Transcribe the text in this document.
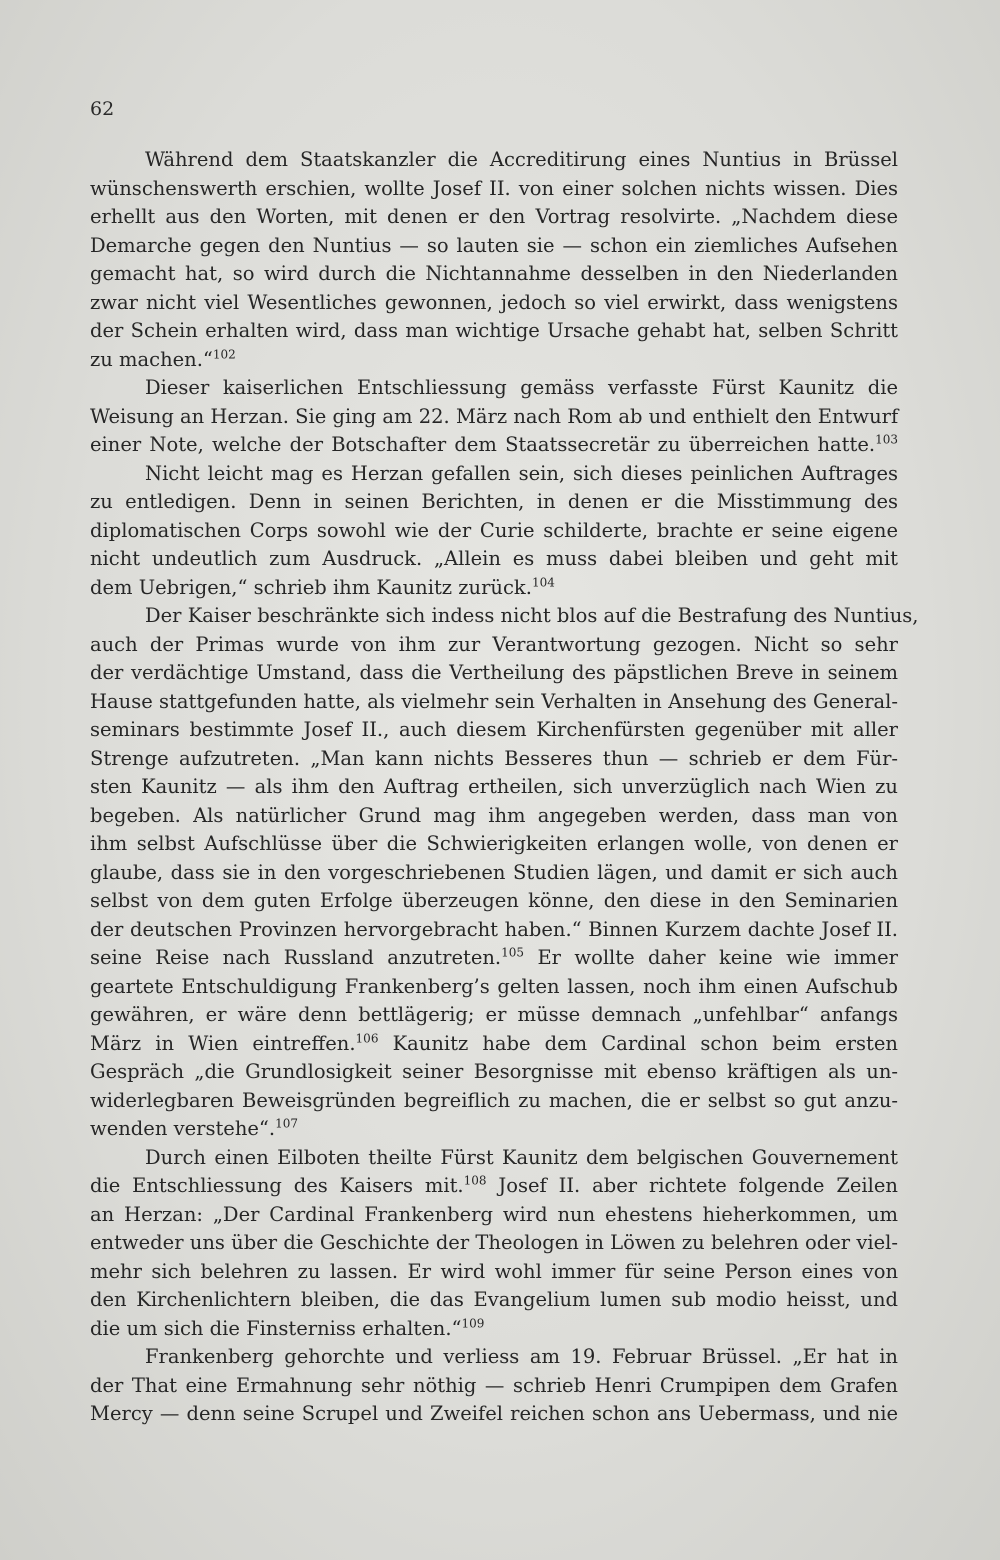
62
Während dem Staatskanzler die Accreditirung eines Nuntius in Brüssel
wünschenswerth erschien, wollte Josef II. von einer solchen nichts wissen. Dies
erhellt aus den Worten, mit denen er den Vortrag resolvirte. „Nachdem diese
Demarche gegen den Nuntius — so lauten sie — schon ein ziemliches Aufsehen
gemacht hat, so wird durch die Nichtannahme desselben in den Niederlanden
zwar nicht viel Wesentliches gewonnen, jedoch so viel erwirkt, dass wenigstens
der Schein erhalten wird, dass man wichtige Ursache gehabt hat, selben Schritt
zu machen.“$^{102}$
Dieser kaiserlichen Entschliessung gemäss verfasste Fürst Kaunitz die
Weisung an Herzan. Sie ging am 22. März nach Rom ab und enthielt den Entwurf
einer Note, welche der Botschafter dem Staatssecretär zu überreichen hatte.$^{103}$
Nicht leicht mag es Herzan gefallen sein, sich dieses peinlichen Auftrages
zu entledigen. Denn in seinen Berichten, in denen er die Misstimmung des
diplomatischen Corps sowohl wie der Curie schilderte, brachte er seine eigene
nicht undeutlich zum Ausdruck. „Allein es muss dabei bleiben und geht mit
dem Uebrigen,“ schrieb ihm Kaunitz zurück.$^{104}$
Der Kaiser beschränkte sich indess nicht blos auf die Bestrafung des Nuntius,
auch der Primas wurde von ihm zur Verantwortung gezogen. Nicht so sehr
der verdächtige Umstand, dass die Vertheilung des päpstlichen Breve in seinem
Hause stattgefunden hatte, als vielmehr sein Verhalten in Ansehung des General-
seminars bestimmte Josef II., auch diesem Kirchenfürsten gegenüber mit aller
Strenge aufzutreten. „Man kann nichts Besseres thun — schrieb er dem Für-
sten Kaunitz — als ihm den Auftrag ertheilen, sich unverzüglich nach Wien zu
begeben. Als natürlicher Grund mag ihm angegeben werden, dass man von
ihm selbst Aufschlüsse über die Schwierigkeiten erlangen wolle, von denen er
glaube, dass sie in den vorgeschriebenen Studien lägen, und damit er sich auch
selbst von dem guten Erfolge überzeugen könne, den diese in den Seminarien
der deutschen Provinzen hervorgebracht haben.“ Binnen Kurzem dachte Josef II.
seine Reise nach Russland anzutreten.$^{105}$ Er wollte daher keine wie immer
geartete Entschuldigung Frankenberg’s gelten lassen, noch ihm einen Aufschub
gewähren, er wäre denn bettlägerig; er müsse demnach „unfehlbar“ anfangs
März in Wien eintreffen.$^{106}$ Kaunitz habe dem Cardinal schon beim ersten
Gespräch „die Grundlosigkeit seiner Besorgnisse mit ebenso kräftigen als un-
widerlegbaren Beweisgründen begreiflich zu machen, die er selbst so gut anzu-
wenden verstehe“.$^{107}$
Durch einen Eilboten theilte Fürst Kaunitz dem belgischen Gouvernement
die Entschliessung des Kaisers mit.$^{108}$ Josef II. aber richtete folgende Zeilen
an Herzan: „Der Cardinal Frankenberg wird nun ehestens hieherkommen, um
entweder uns über die Geschichte der Theologen in Löwen zu belehren oder viel-
mehr sich belehren zu lassen. Er wird wohl immer für seine Person eines von
den Kirchenlichtern bleiben, die das Evangelium lumen sub modio heisst, und
die um sich die Finsterniss erhalten.“$^{109}$
Frankenberg gehorchte und verliess am 19. Februar Brüssel. „Er hat in
der That eine Ermahnung sehr nöthig — schrieb Henri Crumpipen dem Grafen
Mercy — denn seine Scrupel und Zweifel reichen schon ans Uebermass, und nie
